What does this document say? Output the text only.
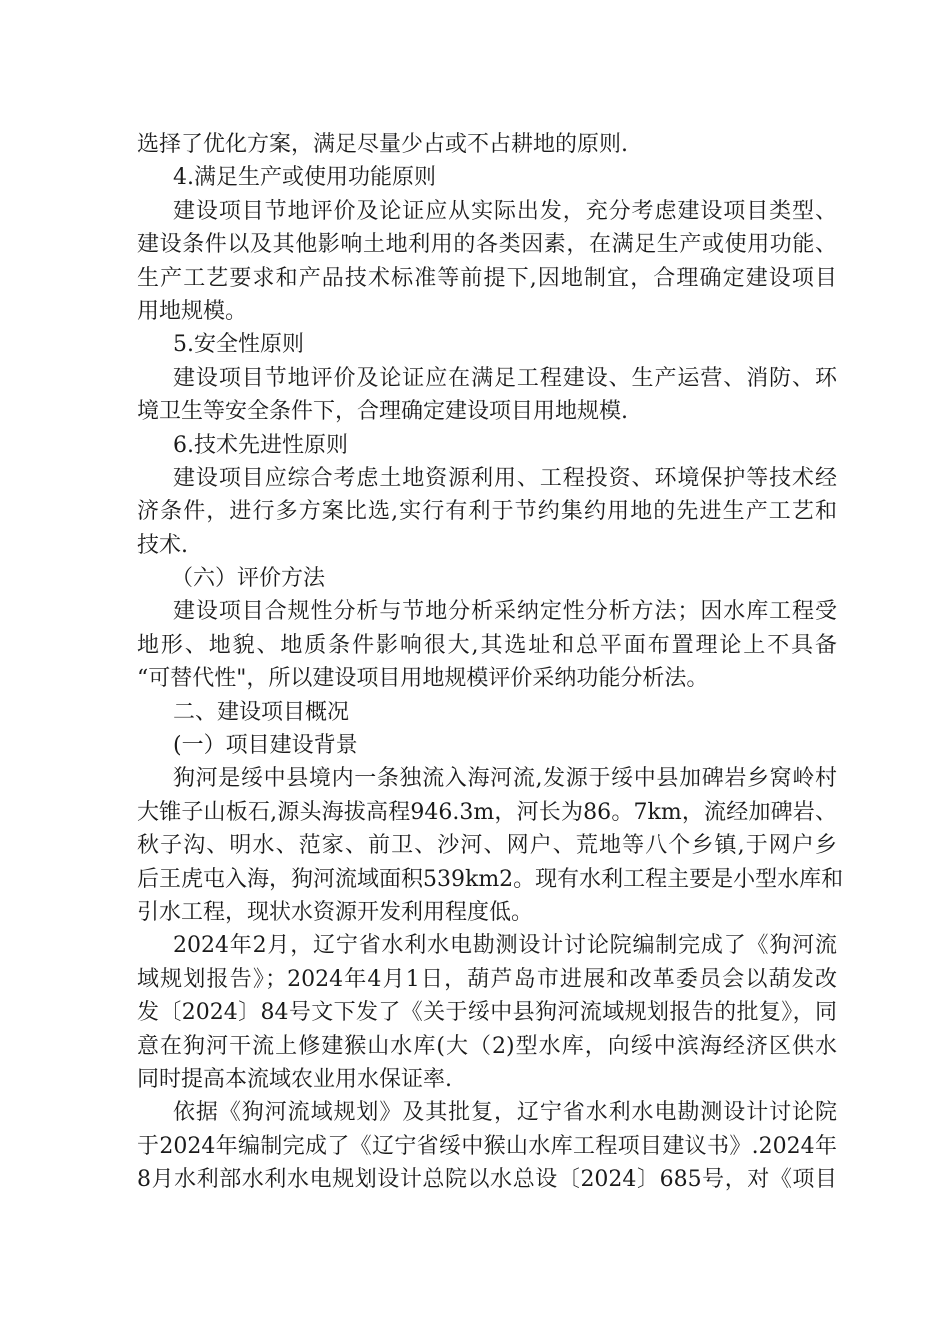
选择了优化方案，满足尽量少占或不占耕地的原则.
4.满足生产或使用功能原则
建设项目节地评价及论证应从实际出发，充分考虑建设项目类型、
建设条件以及其他影响土地利用的各类因素，在满足生产或使用功能、
生产工艺要求和产品技术标准等前提下,因地制宜，合理确定建设项目
用地规模。
5.安全性原则
建设项目节地评价及论证应在满足工程建设、生产运营、消防、环
境卫生等安全条件下，合理确定建设项目用地规模.
6.技术先进性原则
建设项目应综合考虑土地资源利用、工程投资、环境保护等技术经
济条件，进行多方案比选,实行有利于节约集约用地的先进生产工艺和
技术.
（六）评价方法
建设项目合规性分析与节地分析采纳定性分析方法；因水库工程受
地形、地貌、地质条件影响很大,其选址和总平面布置理论上不具备
“可替代性"，所以建设项目用地规模评价采纳功能分析法。
二、建设项目概况
(一）项目建设背景
狗河是绥中县境内一条独流入海河流,发源于绥中县加碑岩乡窝岭村
大锥子山板石,源头海拔高程946.3m，河长为86。7km，流经加碑岩、
秋子沟、明水、范家、前卫、沙河、网户、荒地等八个乡镇,于网户乡
后王虎屯入海，狗河流域面积539km2。现有水利工程主要是小型水库和
引水工程，现状水资源开发利用程度低。
2024年2月，辽宁省水利水电勘测设计讨论院编制完成了《狗河流
域规划报告》；2024年4月1日，葫芦岛市进展和改革委员会以葫发改
发〔2024〕84号文下发了《关于绥中县狗河流域规划报告的批复》，同
意在狗河干流上修建猴山水库(大（2)型水库，向绥中滨海经济区供水
同时提高本流域农业用水保证率.
依据《狗河流域规划》及其批复，辽宁省水利水电勘测设计讨论院
于2024年编制完成了《辽宁省绥中猴山水库工程项目建议书》.2024年
8月水利部水利水电规划设计总院以水总设〔2024〕685号，对《项目
